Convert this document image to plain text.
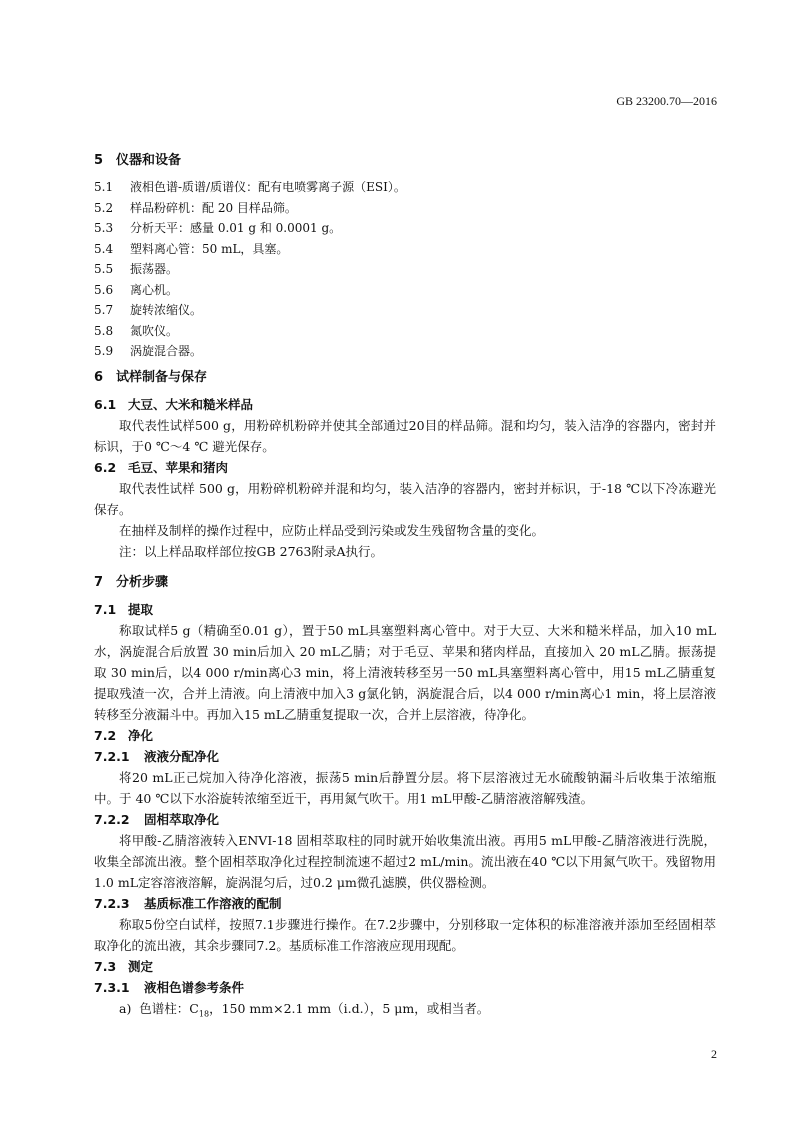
GB 23200.70—2016
5 仪器和设备
5.1 液相色谱-质谱/质谱仪：配有电喷雾离子源（ESI）。
5.2 样品粉碎机：配 20 目样品筛。
5.3 分析天平：感量 0.01 g 和 0.0001 g。
5.4 塑料离心管：50 mL，具塞。
5.5 振荡器。
5.6 离心机。
5.7 旋转浓缩仪。
5.8 氮吹仪。
5.9 涡旋混合器。
6 试样制备与保存
6.1 大豆、大米和糙米样品
取代表性试样500 g，用粉碎机粉碎并使其全部通过20目的样品筛。混和均匀，装入洁净的容器内，密封并标识，于0 ℃～4 ℃ 避光保存。
6.2 毛豆、苹果和猪肉
取代表性试样 500 g，用粉碎机粉碎并混和均匀，装入洁净的容器内，密封并标识，于-18 ℃以下冷冻避光保存。
在抽样及制样的操作过程中，应防止样品受到污染或发生残留物含量的变化。
注：以上样品取样部位按GB 2763附录A执行。
7 分析步骤
7.1 提取
称取试样5 g（精确至0.01 g），置于50 mL具塞塑料离心管中。对于大豆、大米和糙米样品，加入10 mL 水，涡旋混合后放置 30 min后加入 20 mL乙腈；对于毛豆、苹果和猪肉样品，直接加入 20 mL乙腈。振荡提取 30 min后，以4 000 r/min离心3 min，将上清液转移至另一50 mL具塞塑料离心管中，用15 mL乙腈重复提取残渣一次，合并上清液。向上清液中加入3 g氯化钠，涡旋混合后，以4 000 r/min离心1 min，将上层溶液转移至分液漏斗中。再加入15 mL乙腈重复提取一次，合并上层溶液，待净化。
7.2 净化
7.2.1 液液分配净化
将20 mL正己烷加入待净化溶液，振荡5 min后静置分层。将下层溶液过无水硫酸钠漏斗后收集于浓缩瓶中。于 40 ℃以下水浴旋转浓缩至近干，再用氮气吹干。用1 mL甲酸-乙腈溶液溶解残渣。
7.2.2 固相萃取净化
将甲酸-乙腈溶液转入ENVI-18 固相萃取柱的同时就开始收集流出液。再用5 mL甲酸-乙腈溶液进行洗脱，收集全部流出液。整个固相萃取净化过程控制流速不超过2 mL/min。流出液在40 ℃以下用氮气吹干。残留物用1.0 mL定容溶液溶解，旋涡混匀后，过0.2 μm微孔滤膜，供仪器检测。
7.2.3 基质标准工作溶液的配制
称取5份空白试样，按照7.1步骤进行操作。在7.2步骤中，分别移取一定体积的标准溶液并添加至经固相萃取净化的流出液，其余步骤同7.2。基质标准工作溶液应现用现配。
7.3 测定
7.3.1 液相色谱参考条件
a) 色谱柱：$C_{18}$，150 mm×2.1 mm（i.d.），5 μm，或相当者。
2
